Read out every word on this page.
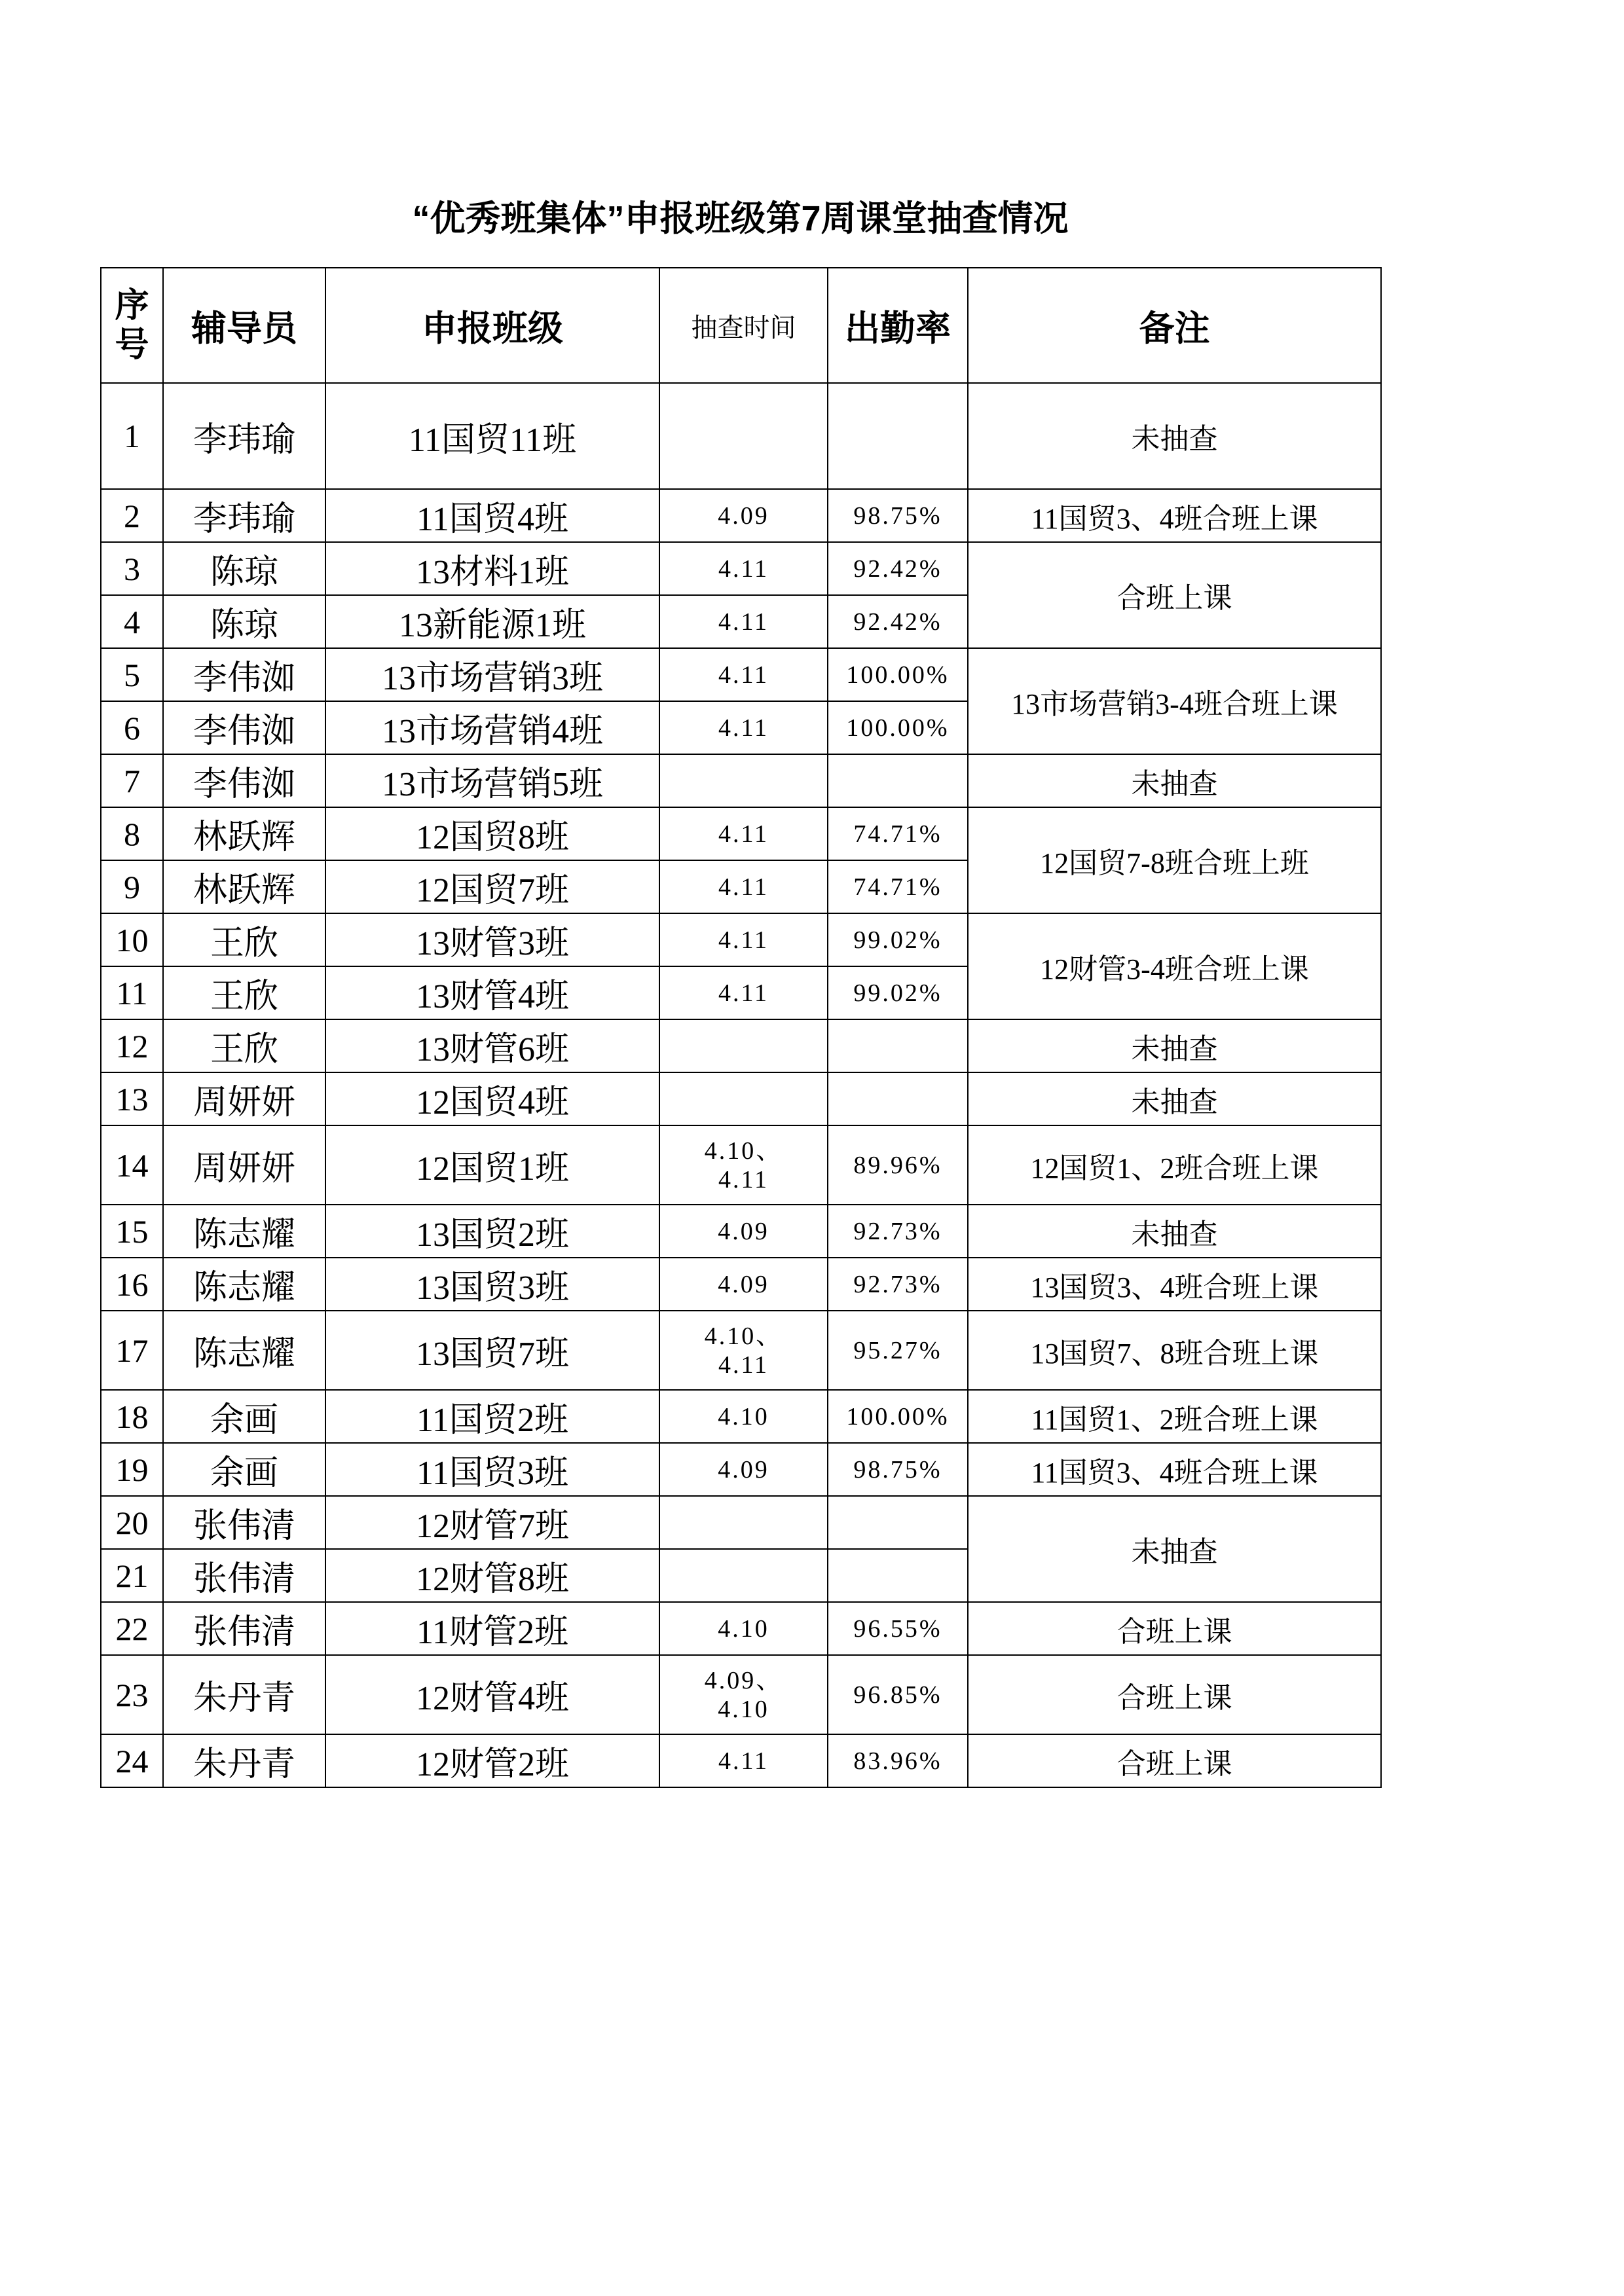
“优秀班集体”申报班级第7周课堂抽查情况
序号	辅导员	申报班级	抽查时间	出勤率	备注
1	李玮瑜	11国贸11班			未抽查
2	李玮瑜	11国贸4班	4.09	98.75%	11国贸3、4班合班上课
3	陈琼	13材料1班	4.11	92.42%	合班上课
4	陈琼	13新能源1班	4.11	92.42%	
5	李伟洳	13市场营销3班	4.11	100.00%	13市场营销3-4班合班上课
6	李伟洳	13市场营销4班	4.11	100.00%	
7	李伟洳	13市场营销5班			未抽查
8	林跃辉	12国贸8班	4.11	74.71%	12国贸7-8班合班上班
9	林跃辉	12国贸7班	4.11	74.71%	
10	王欣	13财管3班	4.11	99.02%	12财管3-4班合班上课
11	王欣	13财管4班	4.11	99.02%	
12	王欣	13财管6班			未抽查
13	周妍妍	12国贸4班			未抽查
14	周妍妍	12国贸1班	4.10、
4.11	89.96%	12国贸1、2班合班上课
15	陈志耀	13国贸2班	4.09	92.73%	未抽查
16	陈志耀	13国贸3班	4.09	92.73%	13国贸3、4班合班上课
17	陈志耀	13国贸7班	4.10、
4.11	95.27%	13国贸7、8班合班上课
18	余画	11国贸2班	4.10	100.00%	11国贸1、2班合班上课
19	余画	11国贸3班	4.09	98.75%	11国贸3、4班合班上课
20	张伟清	12财管7班			未抽查
21	张伟清	12财管8班			
22	张伟清	11财管2班	4.10	96.55%	合班上课
23	朱丹青	12财管4班	4.09、
4.10	96.85%	合班上课
24	朱丹青	12财管2班	4.11	83.96%	合班上课
